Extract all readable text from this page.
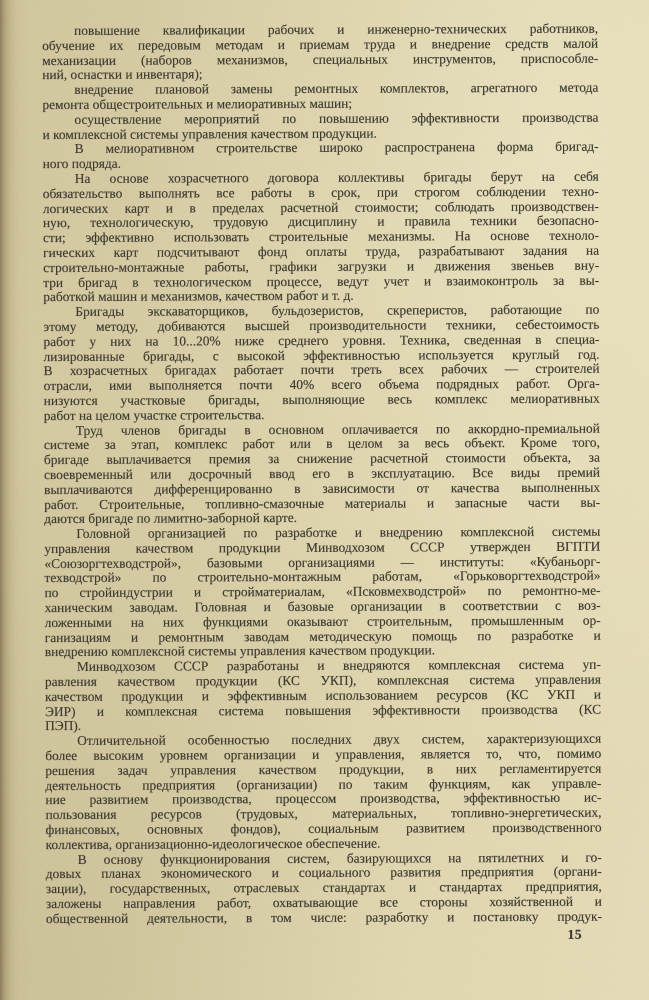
повышение квалификации рабочих и инженерно-технических работников,
обучение их передовым методам и приемам труда и внедрение средств малой
механизации (наборов механизмов, специальных инструментов, приспособле-
ний, оснастки и инвентаря);
внедрение плановой замены ремонтных комплектов, агрегатного метода
ремонта общестроительных и мелиоративных машин;
осуществление мероприятий по повышению эффективности производства
и комплексной системы управления качеством продукции.
В мелиоративном строительстве широко распространена форма бригад-
ного подряда.
На основе хозрасчетного договора коллективы бригады берут на себя
обязательство выполнять все работы в срок, при строгом соблюдении техно-
логических карт и в пределах расчетной стоимости; соблюдать производствен-
ную, технологическую, трудовую дисциплину и правила техники безопасно-
сти; эффективно использовать строительные механизмы. На основе техноло-
гических карт подсчитывают фонд оплаты труда, разрабатывают задания на
строительно-монтажные работы, графики загрузки и движения звеньев вну-
три бригад в технологическом процессе, ведут учет и взаимоконтроль за вы-
работкой машин и механизмов, качеством работ и т. д.
Бригады экскаваторщиков, бульдозеристов, скреперистов, работающие по
этому методу, добиваются высшей производительности техники, себестоимость
работ у них на 10...20% ниже среднего уровня. Техника, сведенная в специа-
лизированные бригады, с высокой эффективностью используется круглый год.
В хозрасчетных бригадах работает почти треть всех рабочих — строителей
отрасли, ими выполняется почти 40% всего объема подрядных работ. Орга-
низуются участковые бригады, выполняющие весь комплекс мелиоративных
работ на целом участке строительства.
Труд членов бригады в основном оплачивается по аккордно-премиальной
системе за этап, комплекс работ или в целом за весь объект. Кроме того,
бригаде выплачивается премия за снижение расчетной стоимости объекта, за
своевременный или досрочный ввод его в эксплуатацию. Все виды премий
выплачиваются дифференцированно в зависимости от качества выполненных
работ. Строительные, топливно-смазочные материалы и запасные части вы-
даются бригаде по лимитно-заборной карте.
Головной организацией по разработке и внедрению комплексной системы
управления качеством продукции Минводхозом СССР утвержден ВГПТИ
«Союзоргтехводстрой», базовыми организациями — институты: «Кубаньорг-
техводстрой» по строительно-монтажным работам, «Горьковоргтехводстрой»
по стройиндустрии и стройматериалам, «Псковмехводстрой» по ремонтно-ме-
ханическим заводам. Головная и базовые организации в соответствии с воз-
ложенными на них функциями оказывают строительным, промышленным ор-
ганизациям и ремонтным заводам методическую помощь по разработке и
внедрению комплексной системы управления качеством продукции.
Минводхозом СССР разработаны и внедряются комплексная система уп-
равления качеством продукции (КС УКП), комплексная система управления
качеством продукции и эффективным использованием ресурсов (КС УКП и
ЭИР) и комплексная система повышения эффективности производства (КС
ПЭП).
Отличительной особенностью последних двух систем, характеризующихся
более высоким уровнем организации и управления, является то, что, помимо
решения задач управления качеством продукции, в них регламентируется
деятельность предприятия (организации) по таким функциям, как управле-
ние развитием производства, процессом производства, эффективностью ис-
пользования ресурсов (трудовых, материальных, топливно-энергетических,
финансовых, основных фондов), социальным развитием производственного
коллектива, организационно-идеологическое обеспечение.
В основу функционирования систем, базирующихся на пятилетних и го-
довых планах экономического и социального развития предприятия (органи-
зации), государственных, отраслевых стандартах и стандартах предприятия,
заложены направления работ, охватывающие все стороны хозяйственной и
общественной деятельности, в том числе: разработку и постановку продук-
15
